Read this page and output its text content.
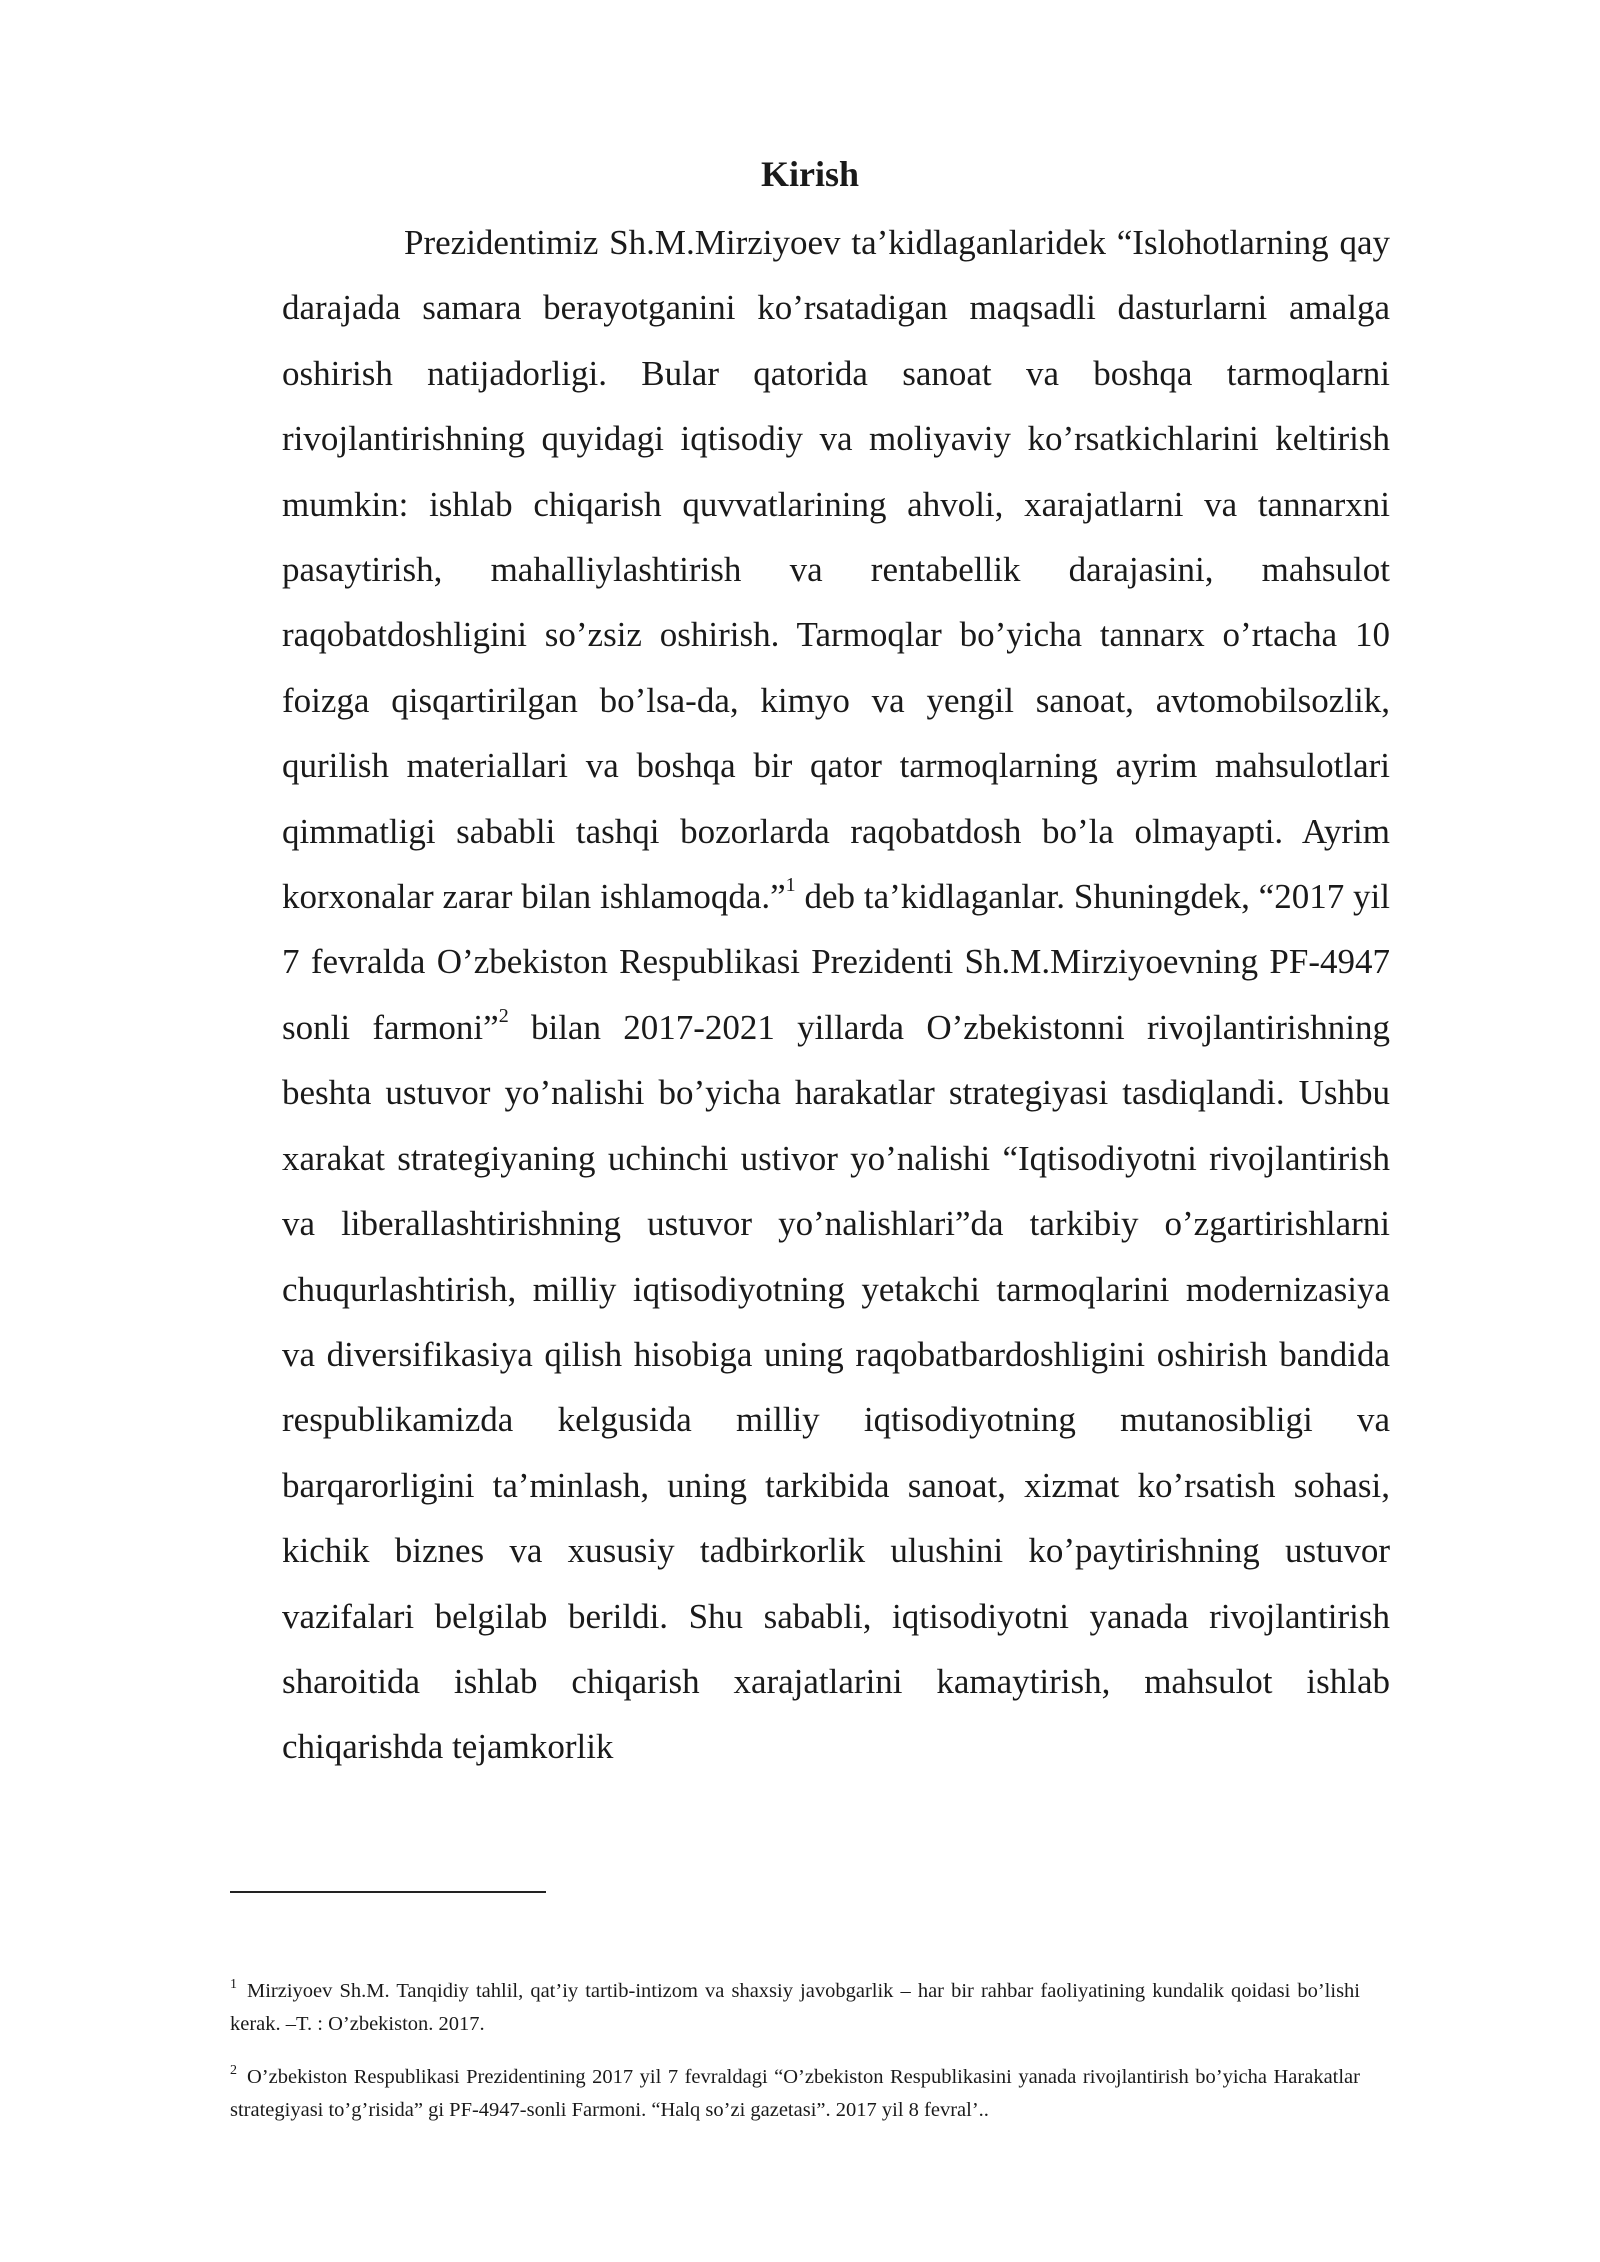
Kirish

Prezidentimiz Sh.M.Mirziyoev ta’kidlaganlaridek “Islohotlarning qay darajada samara berayotganini ko’rsatadigan maqsadli dasturlarni amalga oshirish natijadorligi. Bular qatorida sanoat va boshqa tarmoqlarni rivojlantirishning quyidagi iqtisodiy va moliyaviy ko’rsatkichlarini keltirish mumkin: ishlab chiqarish quvvatlarining ahvoli, xarajatlarni va tannarxni pasaytirish, mahalliylashtirish va rentabellik darajasini, mahsulot raqobatdoshligini so’zsiz oshirish. Tarmoqlar bo’yicha tannarx o’rtacha 10 foizga qisqartirilgan bo’lsa-da, kimyo va yengil sanoat, avtomobilsozlik, qurilish materiallari va boshqa bir qator tarmoqlarning ayrim mahsulotlari qimmatligi sababli tashqi bozorlarda raqobatdosh bo’la olmayapti. Ayrim korxonalar zarar bilan ishlamoqda.”$^1$ deb ta’kidlaganlar. Shuningdek, “2017 yil 7 fevralda O’zbekiston Respublikasi Prezidenti Sh.M.Mirziyoevning PF-4947 sonli farmoni”$^2$ bilan 2017-2021 yillarda O’zbekistonni rivojlantirishning beshta ustuvor yo’nalishi bo’yicha harakatlar strategiyasi tasdiqlandi. Ushbu xarakat strategiyaning uchinchi ustivor yo’nalishi “Iqtisodiyotni rivojlantirish va liberallashtirishning ustuvor yo’nalishlari”da tarkibiy o’zgartirishlarni chuqurlashtirish, milliy iqtisodiyotning yetakchi tarmoqlarini modernizasiya va diversifikasiya qilish hisobiga uning raqobatbardoshligini oshirish bandida respublikamizda kelgusida milliy iqtisodiyotning mutanosibligi va barqarorligini ta’minlash, uning tarkibida sanoat, xizmat ko’rsatish sohasi, kichik biznes va xususiy tadbirkorlik ulushini ko’paytirishning ustuvor vazifalari belgilab berildi. Shu sababli, iqtisodiyotni yanada rivojlantirish sharoitida ishlab chiqarish xarajatlarini kamaytirish, mahsulot ishlab chiqarishda tejamkorlik

$^1$ Mirziyoev Sh.M. Tanqidiy tahlil, qat’iy tartib-intizom va shaxsiy javobgarlik – har bir rahbar faoliyatining kundalik qoidasi bo’lishi kerak. –T. : O’zbekiston. 2017.

$^2$ O’zbekiston Respublikasi Prezidentining 2017 yil 7 fevraldagi “O’zbekiston Respublikasini yanada rivojlantirish bo’yicha Harakatlar strategiyasi to’g’risida” gi PF-4947-sonli Farmoni. “Halq so’zi gazetasi”. 2017 yil 8 fevral’..
